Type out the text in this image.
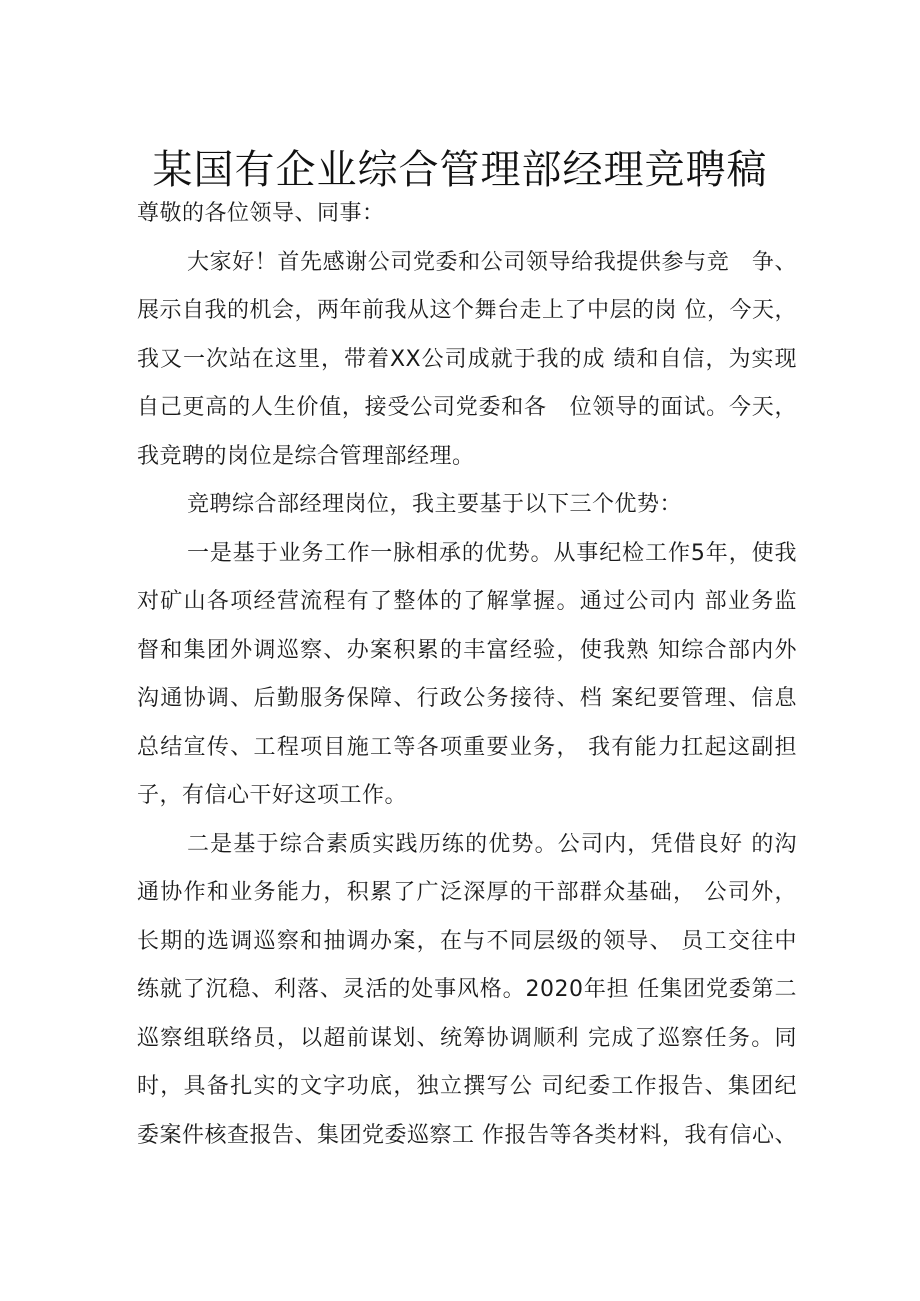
某国有企业综合管理部经理竞聘稿
尊敬的各位领导、同事：
大家好！首先感谢公司党委和公司领导给我提供参与竞　争、
展示自我的机会，两年前我从这个舞台走上了中层的岗 位，今天，
我又一次站在这里，带着XX公司成就于我的成 绩和自信，为实现
自己更高的人生价值，接受公司党委和各　位领导的面试。今天，
我竞聘的岗位是综合管理部经理。
竞聘综合部经理岗位，我主要基于以下三个优势：
一是基于业务工作一脉相承的优势。从事纪检工作5年，使我
对矿山各项经营流程有了整体的了解掌握。通过公司内 部业务监
督和集团外调巡察、办案积累的丰富经验，使我熟 知综合部内外
沟通协调、后勤服务保障、行政公务接待、档 案纪要管理、信息
总结宣传、工程项目施工等各项重要业务， 我有能力扛起这副担
子，有信心干好这项工作。
二是基于综合素质实践历练的优势。公司内，凭借良好 的沟
通协作和业务能力，积累了广泛深厚的干部群众基础， 公司外，
长期的选调巡察和抽调办案，在与不同层级的领导、 员工交往中
练就了沉稳、利落、灵活的处事风格。2020年担 任集团党委第二
巡察组联络员，以超前谋划、统筹协调顺利 完成了巡察任务。同
时，具备扎实的文字功底，独立撰写公 司纪委工作报告、集团纪
委案件核查报告、集团党委巡察工 作报告等各类材料，我有信心、
